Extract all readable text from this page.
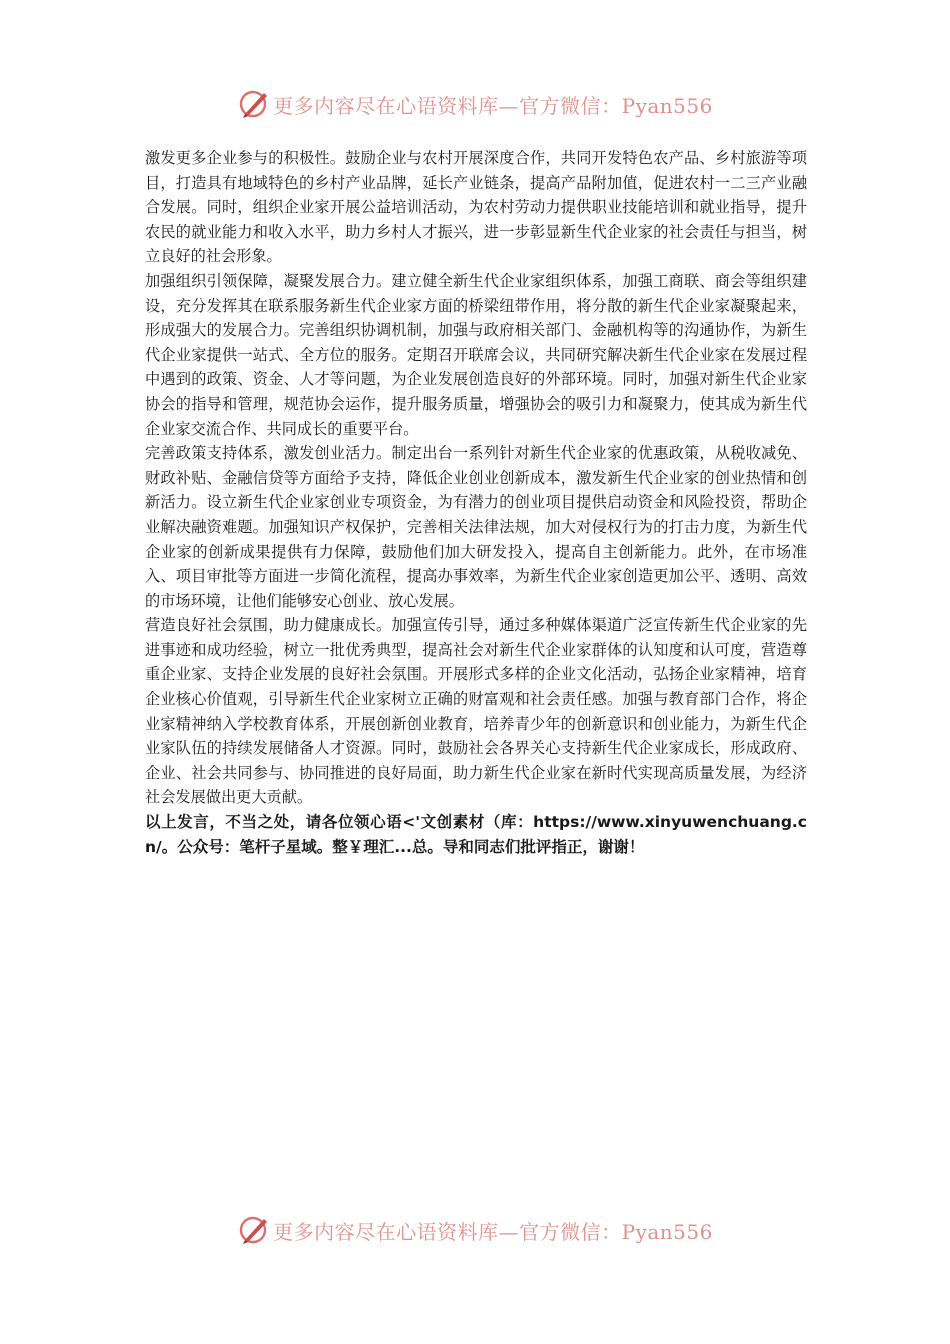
更多内容尽在心语资料库—官方微信：Pyan556

激发更多企业参与的积极性。鼓励企业与农村开展深度合作，共同开发特色农产品、乡村旅游等项目，打造具有地域特色的乡村产业品牌，延长产业链条，提高产品附加值，促进农村一二三产业融合发展。同时，组织企业家开展公益培训活动，为农村劳动力提供职业技能培训和就业指导，提升农民的就业能力和收入水平，助力乡村人才振兴，进一步彰显新生代企业家的社会责任与担当，树立良好的社会形象。

加强组织引领保障，凝聚发展合力。建立健全新生代企业家组织体系，加强工商联、商会等组织建设，充分发挥其在联系服务新生代企业家方面的桥梁纽带作用，将分散的新生代企业家凝聚起来，形成强大的发展合力。完善组织协调机制，加强与政府相关部门、金融机构等的沟通协作，为新生代企业家提供一站式、全方位的服务。定期召开联席会议，共同研究解决新生代企业家在发展过程中遇到的政策、资金、人才等问题，为企业发展创造良好的外部环境。同时，加强对新生代企业家协会的指导和管理，规范协会运作，提升服务质量，增强协会的吸引力和凝聚力，使其成为新生代企业家交流合作、共同成长的重要平台。

完善政策支持体系，激发创业活力。制定出台一系列针对新生代企业家的优惠政策，从税收减免、财政补贴、金融信贷等方面给予支持，降低企业创业创新成本，激发新生代企业家的创业热情和创新活力。设立新生代企业家创业专项资金，为有潜力的创业项目提供启动资金和风险投资，帮助企业解决融资难题。加强知识产权保护，完善相关法律法规，加大对侵权行为的打击力度，为新生代企业家的创新成果提供有力保障，鼓励他们加大研发投入，提高自主创新能力。此外，在市场准入、项目审批等方面进一步简化流程，提高办事效率，为新生代企业家创造更加公平、透明、高效的市场环境，让他们能够安心创业、放心发展。

营造良好社会氛围，助力健康成长。加强宣传引导，通过多种媒体渠道广泛宣传新生代企业家的先进事迹和成功经验，树立一批优秀典型，提高社会对新生代企业家群体的认知度和认可度，营造尊重企业家、支持企业发展的良好社会氛围。开展形式多样的企业文化活动，弘扬企业家精神，培育企业核心价值观，引导新生代企业家树立正确的财富观和社会责任感。加强与教育部门合作，将企业家精神纳入学校教育体系，开展创新创业教育，培养青少年的创新意识和创业能力，为新生代企业家队伍的持续发展储备人才资源。同时，鼓励社会各界关心支持新生代企业家成长，形成政府、企业、社会共同参与、协同推进的良好局面，助力新生代企业家在新时代实现高质量发展，为经济社会发展做出更大贡献。

以上发言，不当之处，请各位领心语<'文创素材（库：https://www.xinyuwenchuang.cn/。公众号：笔杆子星域。整￥理汇...总。导和同志们批评指正，谢谢！

更多内容尽在心语资料库—官方微信：Pyan556
